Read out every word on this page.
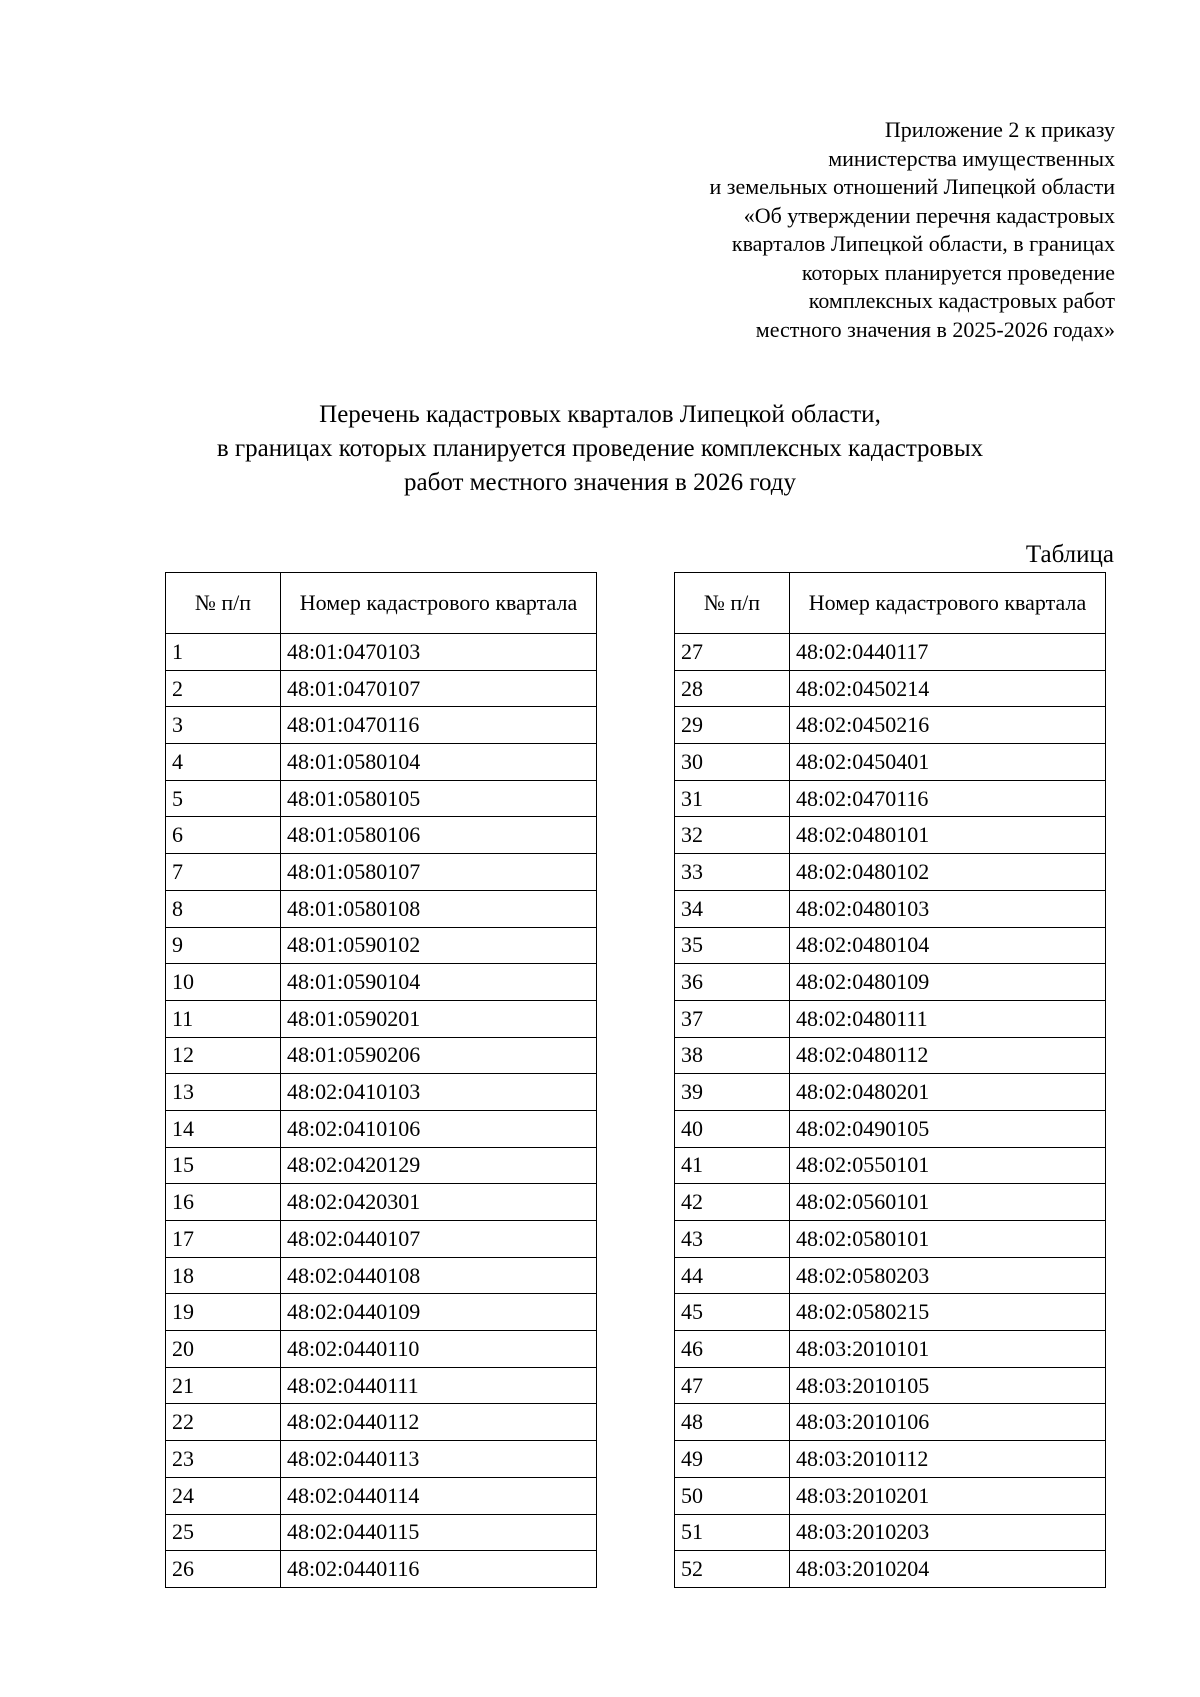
Приложение 2 к приказу
министерства имущественных
и земельных отношений Липецкой области
«Об утверждении перечня кадастровых
кварталов Липецкой области, в границах
которых планируется проведение
комплексных кадастровых работ
местного значения в 2025-2026 годах»
Перечень кадастровых кварталов Липецкой области,
в границах которых планируется проведение комплексных кадастровых
работ местного значения в 2026 году
Таблица
№ п/п	Номер кадастрового квартала
1	48:01:0470103
2	48:01:0470107
3	48:01:0470116
4	48:01:0580104
5	48:01:0580105
6	48:01:0580106
7	48:01:0580107
8	48:01:0580108
9	48:01:0590102
10	48:01:0590104
11	48:01:0590201
12	48:01:0590206
13	48:02:0410103
14	48:02:0410106
15	48:02:0420129
16	48:02:0420301
17	48:02:0440107
18	48:02:0440108
19	48:02:0440109
20	48:02:0440110
21	48:02:0440111
22	48:02:0440112
23	48:02:0440113
24	48:02:0440114
25	48:02:0440115
26	48:02:0440116
№ п/п	Номер кадастрового квартала
27	48:02:0440117
28	48:02:0450214
29	48:02:0450216
30	48:02:0450401
31	48:02:0470116
32	48:02:0480101
33	48:02:0480102
34	48:02:0480103
35	48:02:0480104
36	48:02:0480109
37	48:02:0480111
38	48:02:0480112
39	48:02:0480201
40	48:02:0490105
41	48:02:0550101
42	48:02:0560101
43	48:02:0580101
44	48:02:0580203
45	48:02:0580215
46	48:03:2010101
47	48:03:2010105
48	48:03:2010106
49	48:03:2010112
50	48:03:2010201
51	48:03:2010203
52	48:03:2010204
